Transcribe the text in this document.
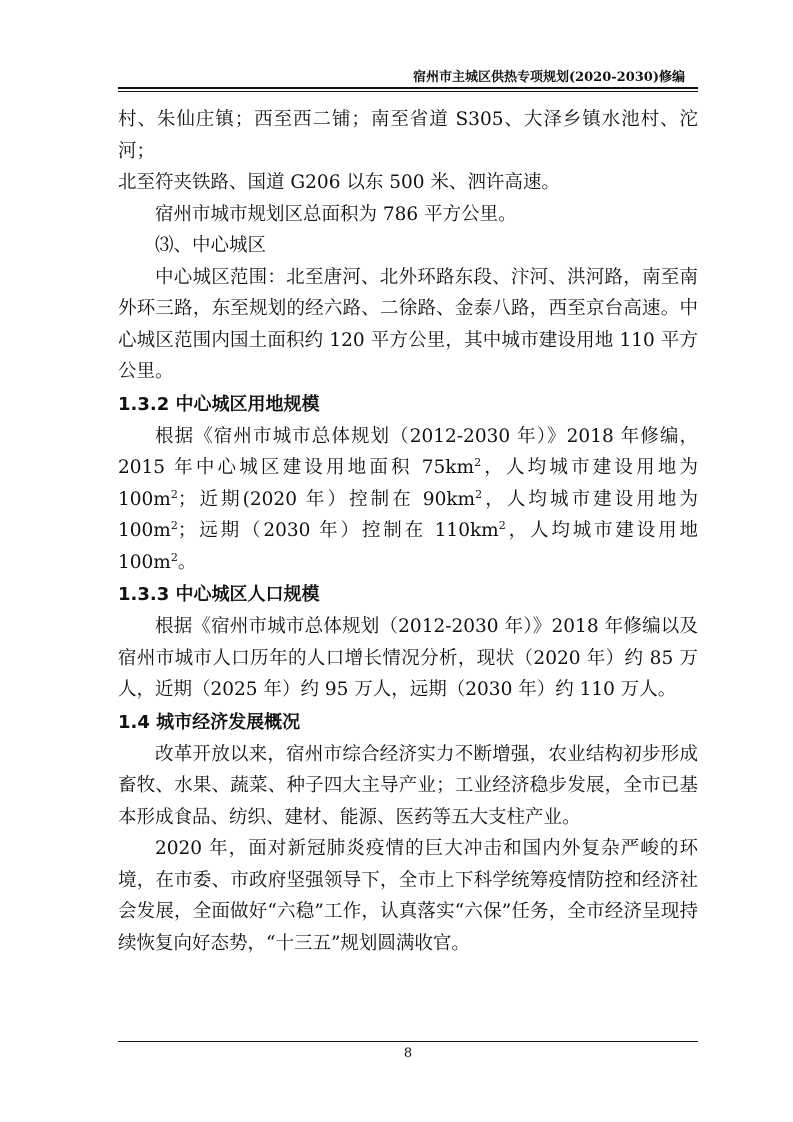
宿州市主城区供热专项规划(2020-2030)修编

村、朱仙庄镇；西至西二铺；南至省道 S305、大泽乡镇水池村、沱河；
北至符夹铁路、国道 G206 以东 500 米、泗许高速。

宿州市城市规划区总面积为 786 平方公里。

⑶、中心城区

中心城区范围：北至唐河、北外环路东段、汴河、洪河路，南至南外环三路，东至规划的经六路、二徐路、金泰八路，西至京台高速。中心城区范围内国土面积约 120 平方公里，其中城市建设用地 110 平方公里。

1.3.2 中心城区用地规模

根据《宿州市城市总体规划（2012-2030 年）》2018 年修编，2015 年中心城区建设用地面积 $75km^2$，人均城市建设用地为 $100m^2$；近期(2020 年）控制在 $90km^2$，人均城市建设用地为 $100m^2$；远期（2030 年）控制在 $110km^2$，人均城市建设用地 $100m^2$。

1.3.3 中心城区人口规模

根据《宿州市城市总体规划（2012-2030 年）》2018 年修编以及宿州市城市人口历年的人口增长情况分析，现状（2020 年）约 85 万人，近期（2025 年）约 95 万人，远期（2030 年）约 110 万人。

1.4 城市经济发展概况

改革开放以来，宿州市综合经济实力不断增强，农业结构初步形成畜牧、水果、蔬菜、种子四大主导产业；工业经济稳步发展，全市已基本形成食品、纺织、建材、能源、医药等五大支柱产业。

2020 年，面对新冠肺炎疫情的巨大冲击和国内外复杂严峻的环境，在市委、市政府坚强领导下，全市上下科学统筹疫情防控和经济社会发展，全面做好“六稳”工作，认真落实“六保”任务，全市经济呈现持续恢复向好态势，“十三五”规划圆满收官。

8
